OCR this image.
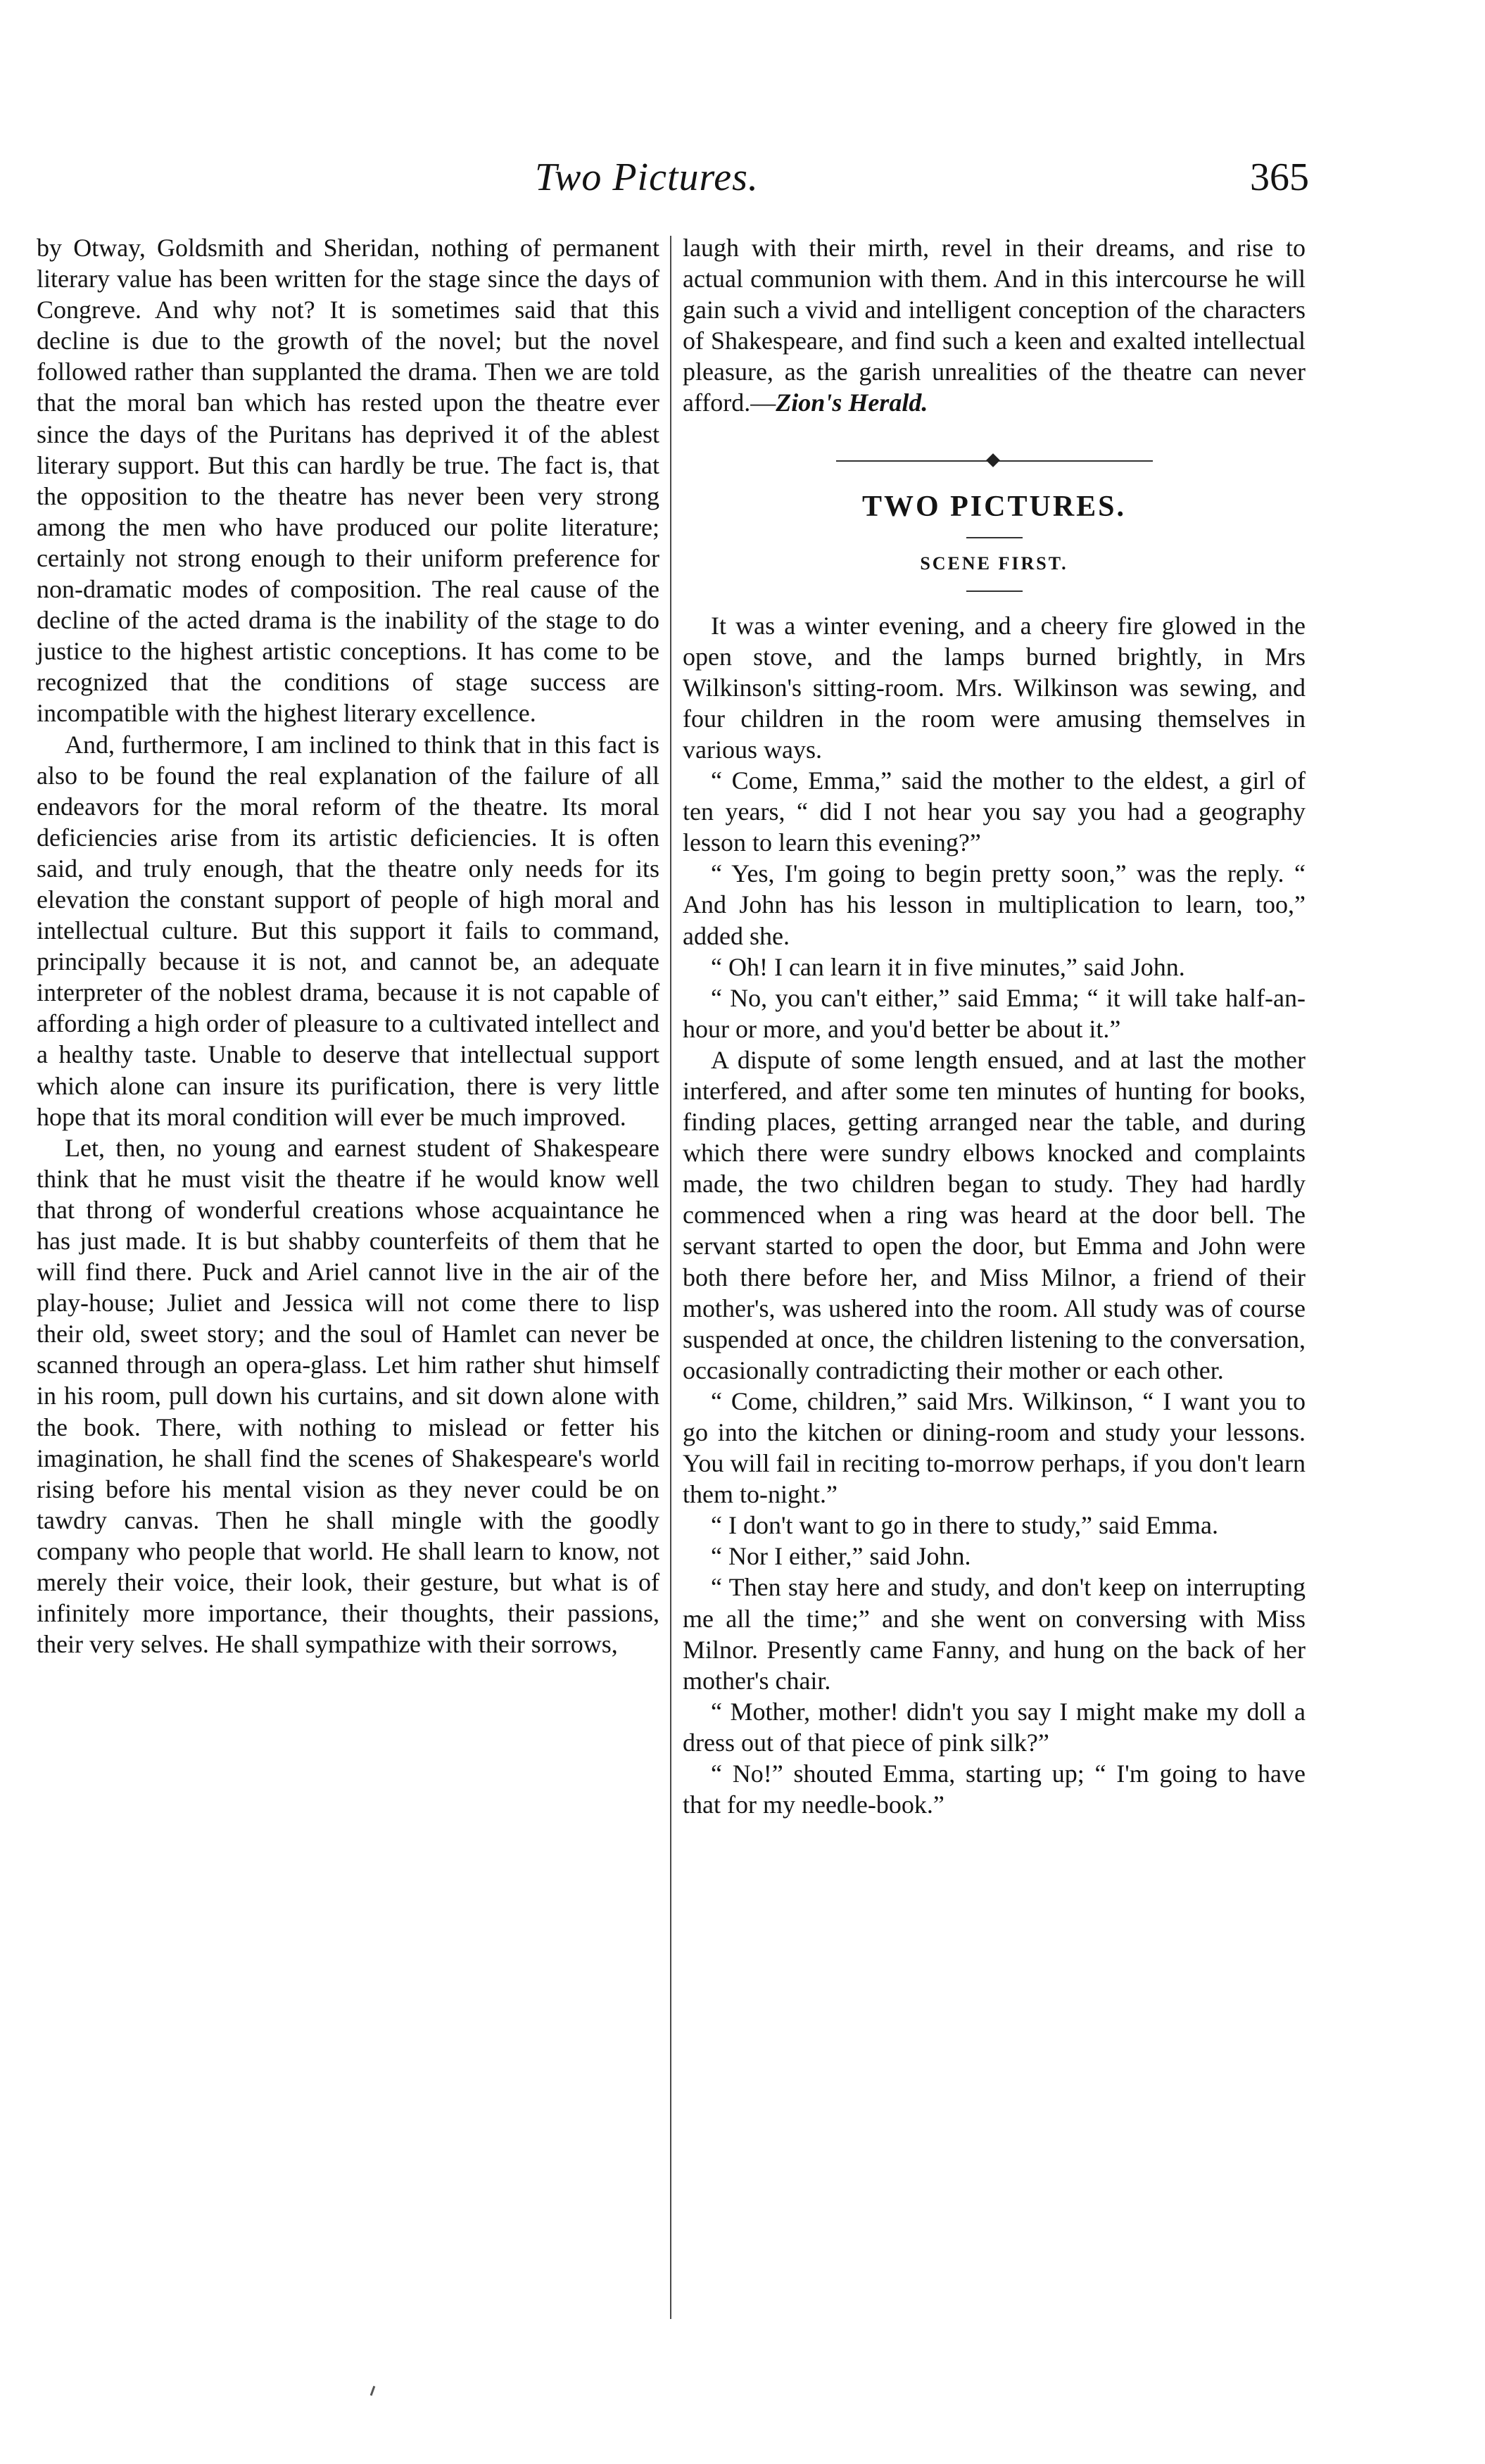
Two Pictures.	365

by Otway, Goldsmith and Sheridan, nothing of permanent literary value has been written for the stage since the days of Congreve. And why not? It is sometimes said that this decline is due to the growth of the novel; but the novel followed rather than supplanted the drama. Then we are told that the moral ban which has rested upon the theatre ever since the days of the Puritans has deprived it of the ablest literary support. But this can hardly be true. The fact is, that the opposition to the theatre has never been very strong among the men who have produced our polite literature; certainly not strong enough to their uniform preference for non-dramatic modes of composition. The real cause of the decline of the acted drama is the inability of the stage to do justice to the highest artistic conceptions. It has come to be recognized that the conditions of stage success are incompatible with the highest literary excellence.

And, furthermore, I am inclined to think that in this fact is also to be found the real explanation of the failure of all endeavors for the moral reform of the theatre. Its moral deficiencies arise from its artistic deficiencies. It is often said, and truly enough, that the theatre only needs for its elevation the constant support of people of high moral and intellectual culture. But this support it fails to command, principally because it is not, and cannot be, an adequate interpreter of the noblest drama, because it is not capable of affording a high order of pleasure to a cultivated intellect and a healthy taste. Unable to deserve that intellectual support which alone can insure its purification, there is very little hope that its moral condition will ever be much improved.

Let, then, no young and earnest student of Shakespeare think that he must visit the theatre if he would know well that throng of wonderful creations whose acquaintance he has just made. It is but shabby counterfeits of them that he will find there. Puck and Ariel cannot live in the air of the play-house; Juliet and Jessica will not come there to lisp their old, sweet story; and the soul of Hamlet can never be scanned through an opera-glass. Let him rather shut himself in his room, pull down his curtains, and sit down alone with the book. There, with nothing to mislead or fetter his imagination, he shall find the scenes of Shakespeare's world rising before his mental vision as they never could be on tawdry canvas. Then he shall mingle with the goodly company who people that world. He shall learn to know, not merely their voice, their look, their gesture, but what is of infinitely more importance, their thoughts, their passions, their very selves. He shall sympathize with their sorrows,

laugh with their mirth, revel in their dreams, and rise to actual communion with them. And in this intercourse he will gain such a vivid and intelligent conception of the characters of Shakespeare, and find such a keen and exalted intellectual pleasure, as the garish unrealities of the theatre can never afford.—Zion's Herald.

TWO PICTURES.
SCENE FIRST.

It was a winter evening, and a cheery fire glowed in the open stove, and the lamps burned brightly, in Mrs Wilkinson's sitting-room. Mrs. Wilkinson was sewing, and four children in the room were amusing themselves in various ways.

“ Come, Emma,” said the mother to the eldest, a girl of ten years, “ did I not hear you say you had a geography lesson to learn this evening?”

“ Yes, I'm going to begin pretty soon,” was the reply. “ And John has his lesson in multiplication to learn, too,” added she.

“ Oh! I can learn it in five minutes,” said John.

“ No, you can't either,” said Emma; “ it will take half-an-hour or more, and you'd better be about it.”

A dispute of some length ensued, and at last the mother interfered, and after some ten minutes of hunting for books, finding places, getting arranged near the table, and during which there were sundry elbows knocked and complaints made, the two children began to study. They had hardly commenced when a ring was heard at the door bell. The servant started to open the door, but Emma and John were both there before her, and Miss Milnor, a friend of their mother's, was ushered into the room. All study was of course suspended at once, the children listening to the conversation, occasionally contradicting their mother or each other.

“ Come, children,” said Mrs. Wilkinson, “ I want you to go into the kitchen or dining-room and study your lessons. You will fail in reciting to-morrow perhaps, if you don't learn them to-night.”

“ I don't want to go in there to study,” said Emma.

“ Nor I either,” said John.

“ Then stay here and study, and don't keep on interrupting me all the time;” and she went on conversing with Miss Milnor. Presently came Fanny, and hung on the back of her mother's chair.

“ Mother, mother! didn't you say I might make my doll a dress out of that piece of pink silk?”

“ No!” shouted Emma, starting up; “ I'm going to have that for my needle-book.”
